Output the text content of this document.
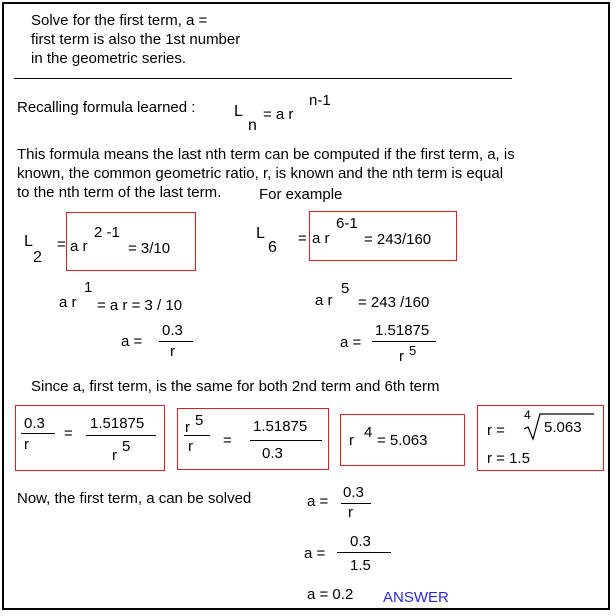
Solve for the first term, a =
first term is also the 1st number
in the geometric series.
Recalling formula learned : L
n
= a r
n-1
This formula means the last nth term can be computed if the first term, a, is
known, the common geometric ratio, r, is known and the nth term is equal
to the nth term of the last term.	For example
L
2
= a r
2 -1
= 3/10
L
6
= a r
6-1
= 243/160
a r
1
= a r = 3 / 10
a =
0.3
r
a r
5
= 243 /160
a =
1.51875
r 5
Since a, first term, is the same for both 2nd term and 6th term
0.3
r
=
1.51875
r
5
r 5
r =
1.51875
0.3
r 4 = 5.063
r =
4
5.063
r = 1.5
Now, the first term, a can be solved	a =
0.3
r
a =
0.3
1.5
a = 0.2 ANSWER
